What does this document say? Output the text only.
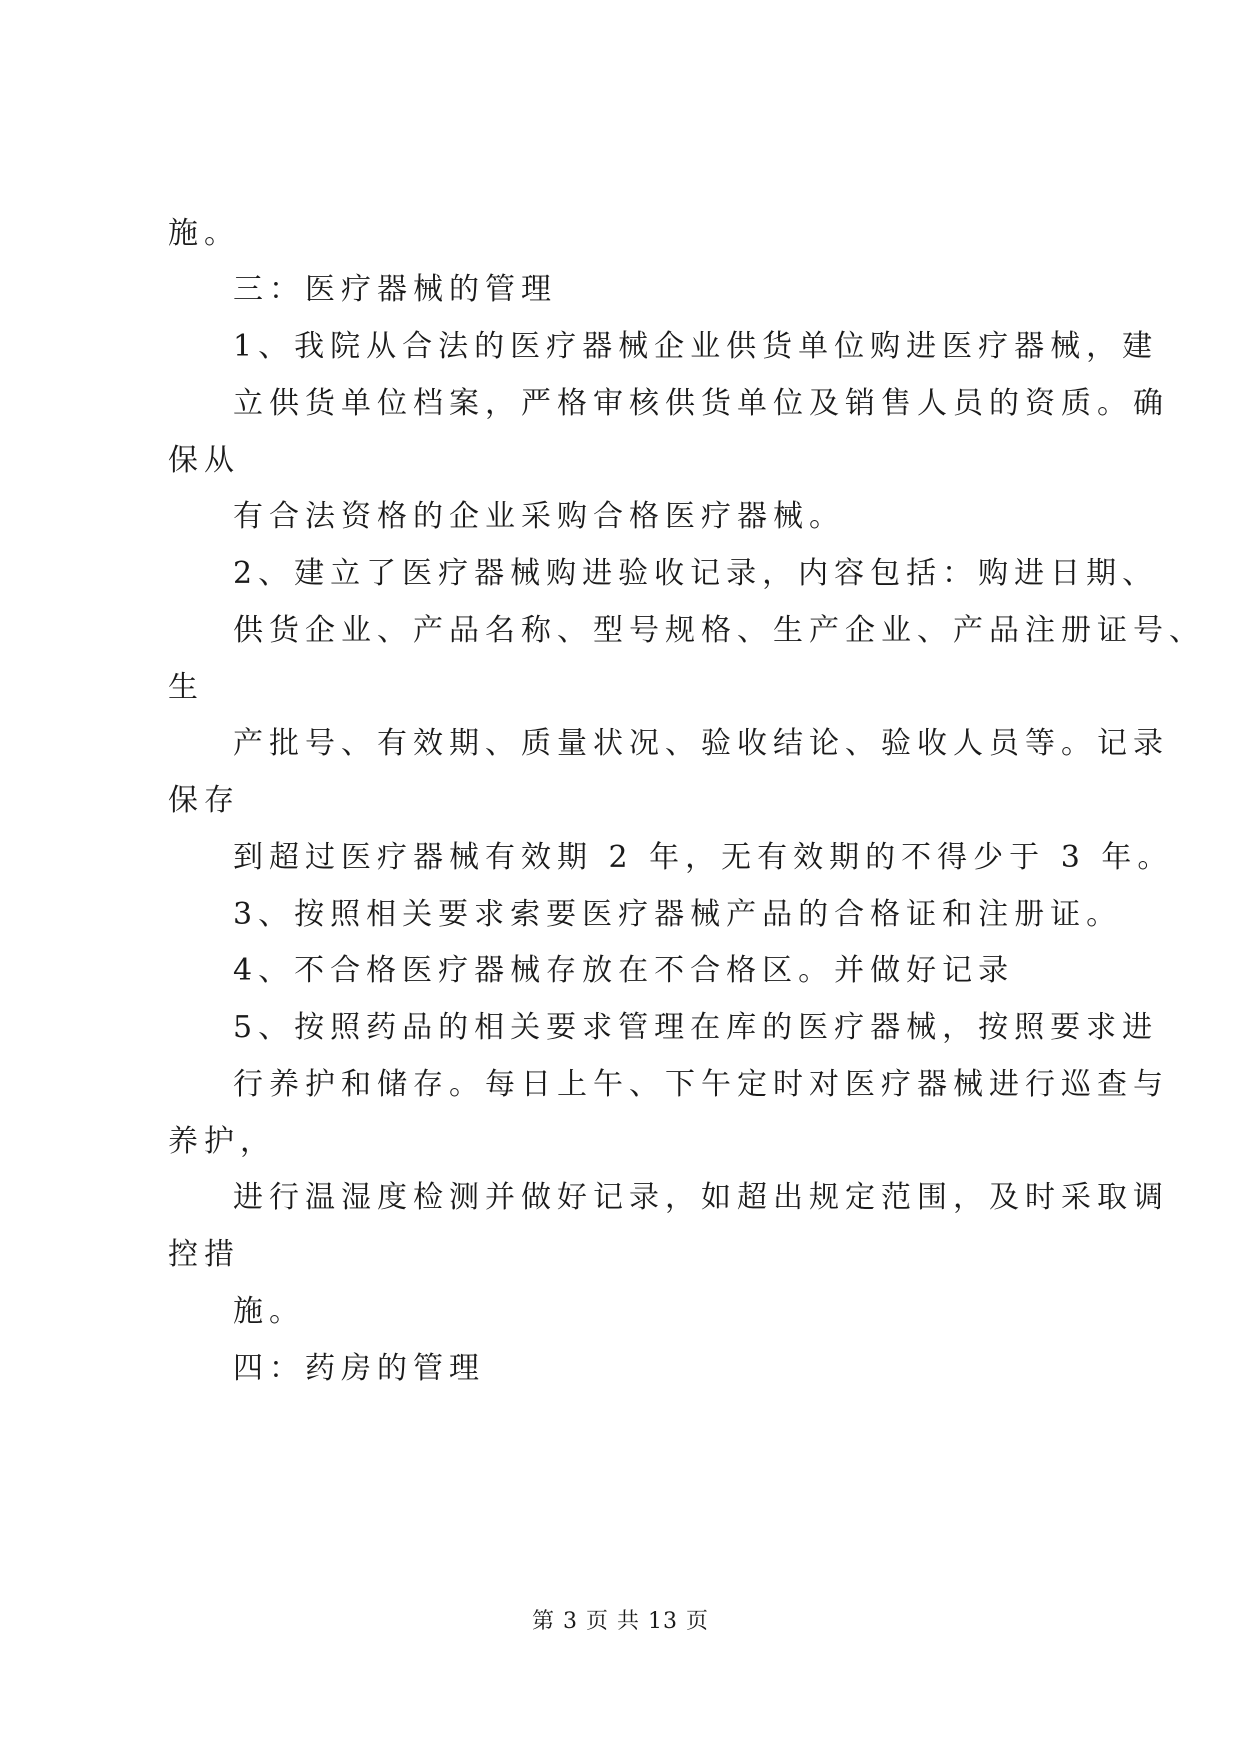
施。
三：医疗器械的管理
1、我院从合法的医疗器械企业供货单位购进医疗器械，建
立供货单位档案，严格审核供货单位及销售人员的资质。确
保从
有合法资格的企业采购合格医疗器械。
2、建立了医疗器械购进验收记录，内容包括：购进日期、
供货企业、产品名称、型号规格、生产企业、产品注册证号、
生
产批号、有效期、质量状况、验收结论、验收人员等。记录
保存
到超过医疗器械有效期 2 年，无有效期的不得少于 3 年。
3、按照相关要求索要医疗器械产品的合格证和注册证。
4、不合格医疗器械存放在不合格区。并做好记录
5、按照药品的相关要求管理在库的医疗器械，按照要求进
行养护和储存。每日上午、下午定时对医疗器械进行巡查与
养护，
进行温湿度检测并做好记录，如超出规定范围，及时采取调
控措
施。
四：药房的管理
第 3 页 共 13 页
